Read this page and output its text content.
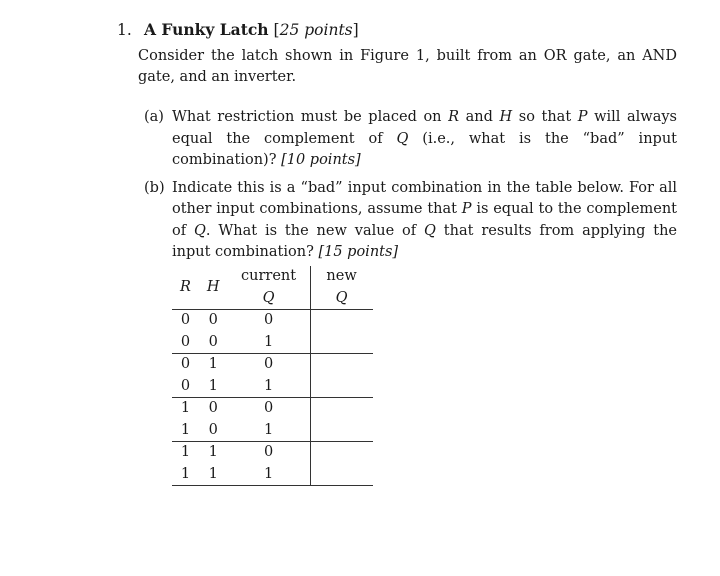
1. A Funky Latch [25 points]
Consider the latch shown in Figure 1, built from an OR gate, an AND gate, and an inverter.
(a) What restriction must be placed on R and H so that P will always equal the complement of Q (i.e., what is the “bad” input combination)? [10 points]
(b) Indicate this is a “bad” input combination in the table below. For all other input combinations, assume that P is equal to the complement of Q. What is the new value of Q that results from applying the input combination? [15 points]
R	H	current Q	new Q
0	0	0	
0	0	1	
0	1	0	
0	1	1	
1	0	0	
1	0	1	
1	1	0	
1	1	1	
